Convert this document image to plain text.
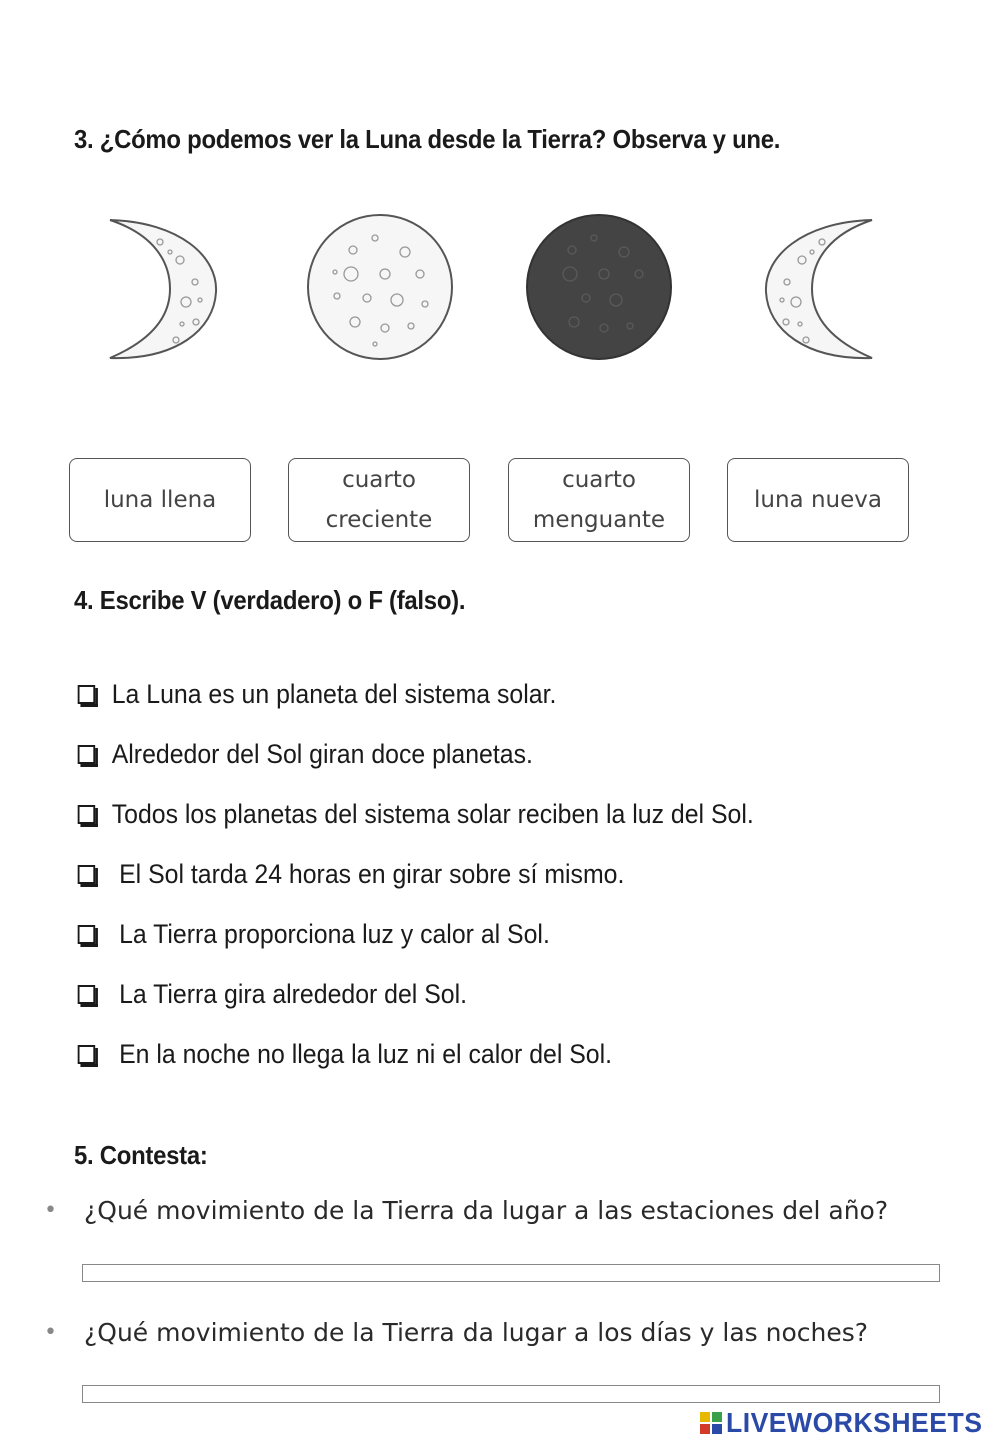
3. ¿Cómo podemos ver la Luna desde la Tierra? Observa y une.
luna llena
cuarto
creciente
cuarto
menguante
luna nueva
4. Escribe V (verdadero) o F (falso).
La Luna es un planeta del sistema solar.
Alrededor del Sol giran doce planetas.
Todos los planetas del sistema solar reciben la luz del Sol.
El Sol tarda 24 horas en girar sobre sí mismo.
La Tierra proporciona luz y calor al Sol.
La Tierra gira alrededor del Sol.
En la noche no llega la luz ni el calor del Sol.
5. Contesta:
•	¿Qué movimiento de la Tierra da lugar a las estaciones del año?
•	¿Qué movimiento de la Tierra da lugar a los días y las noches?
LIVEWORKSHEETS
